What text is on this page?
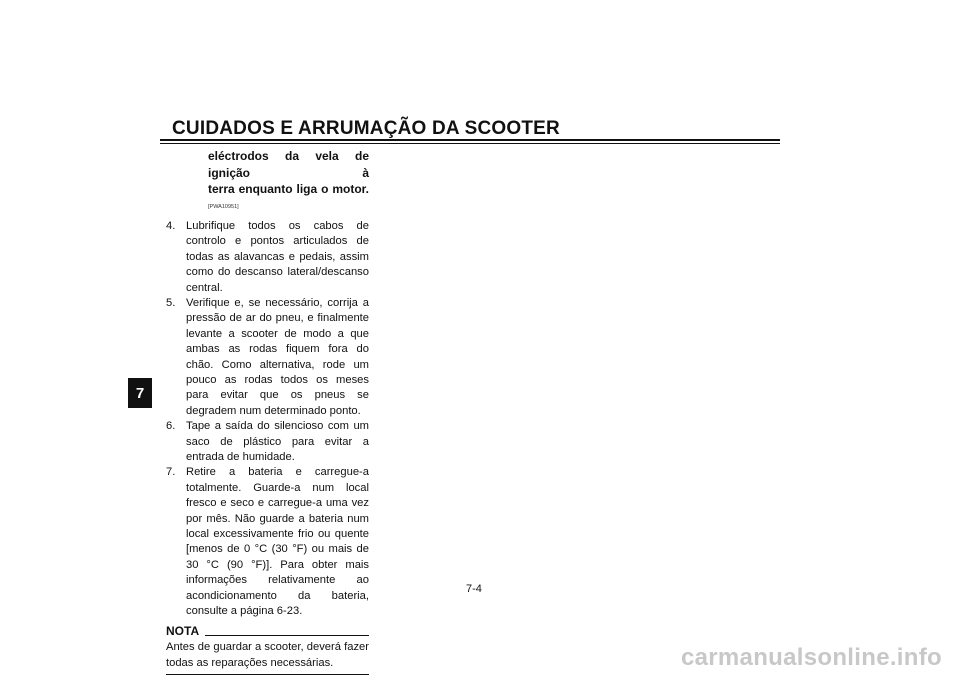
CUIDADOS E ARRUMAÇÃO DA SCOOTER
7
eléctrodos da vela de ignição à
terra enquanto liga o motor.
[PWA10951]
4. Lubrifique todos os cabos de controlo e pontos articulados de todas as alavancas e pedais, assim como do descanso lateral/descanso central.
5. Verifique e, se necessário, corrija a pressão de ar do pneu, e finalmente levante a scooter de modo a que ambas as rodas fiquem fora do chão. Como alternativa, rode um pouco as rodas todos os meses para evitar que os pneus se degradem num determinado ponto.
6. Tape a saída do silencioso com um saco de plástico para evitar a entrada de humidade.
7. Retire a bateria e carregue-a totalmente. Guarde-a num local fresco e seco e carregue-a uma vez por mês. Não guarde a bateria num local excessivamente frio ou quente [menos de 0 °C (30 °F) ou mais de 30 °C (90 °F)]. Para obter mais informações relativamente ao acondicionamento da bateria, consulte a página 6-23.
NOTA
Antes de guardar a scooter, deverá fazer todas as reparações necessárias.
7-4
carmanualsonline.info
